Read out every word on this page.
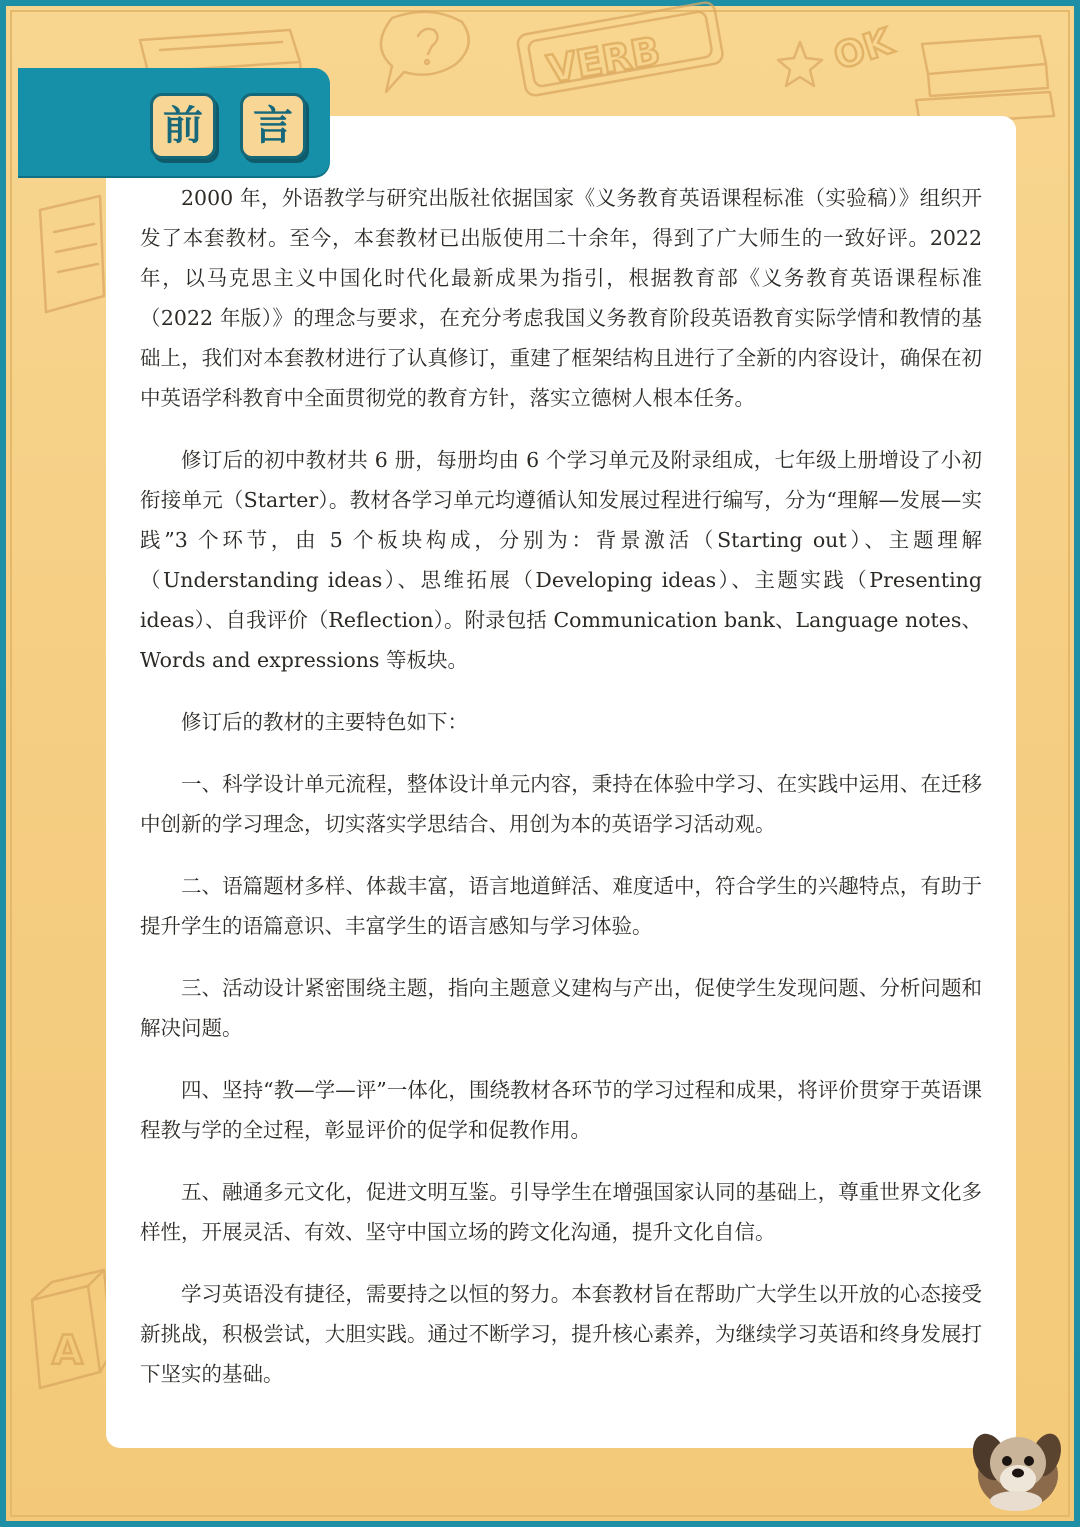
VERB	OK
A
前	言

2000 年，外语教学与研究出版社依据国家《义务教育英语课程标准（实验稿）》组织开发了本套教材。至今，本套教材已出版使用二十余年，得到了广大师生的一致好评。2022 年，以马克思主义中国化时代化最新成果为指引，根据教育部《义务教育英语课程标准（2022 年版）》的理念与要求，在充分考虑我国义务教育阶段英语教育实际学情和教情的基础上，我们对本套教材进行了认真修订，重建了框架结构且进行了全新的内容设计，确保在初中英语学科教育中全面贯彻党的教育方针，落实立德树人根本任务。

修订后的初中教材共 6 册，每册均由 6 个学习单元及附录组成，七年级上册增设了小初衔接单元（Starter）。教材各学习单元均遵循认知发展过程进行编写，分为“理解—发展—实践”3 个环节，由 5 个板块构成，分别为：背景激活（Starting out）、主题理解（Understanding ideas）、思维拓展（Developing ideas）、主题实践（Presenting ideas）、自我评价（Reflection）。附录包括 Communication bank、Language notes、Words and expressions 等板块。

修订后的教材的主要特色如下：

一、科学设计单元流程，整体设计单元内容，秉持在体验中学习、在实践中运用、在迁移中创新的学习理念，切实落实学思结合、用创为本的英语学习活动观。

二、语篇题材多样、体裁丰富，语言地道鲜活、难度适中，符合学生的兴趣特点，有助于提升学生的语篇意识、丰富学生的语言感知与学习体验。

三、活动设计紧密围绕主题，指向主题意义建构与产出，促使学生发现问题、分析问题和解决问题。

四、坚持“教—学—评”一体化，围绕教材各环节的学习过程和成果，将评价贯穿于英语课程教与学的全过程，彰显评价的促学和促教作用。

五、融通多元文化，促进文明互鉴。引导学生在增强国家认同的基础上，尊重世界文化多样性，开展灵活、有效、坚守中国立场的跨文化沟通，提升文化自信。

学习英语没有捷径，需要持之以恒的努力。本套教材旨在帮助广大学生以开放的心态接受新挑战，积极尝试，大胆实践。通过不断学习，提升核心素养，为继续学习英语和终身发展打下坚实的基础。
